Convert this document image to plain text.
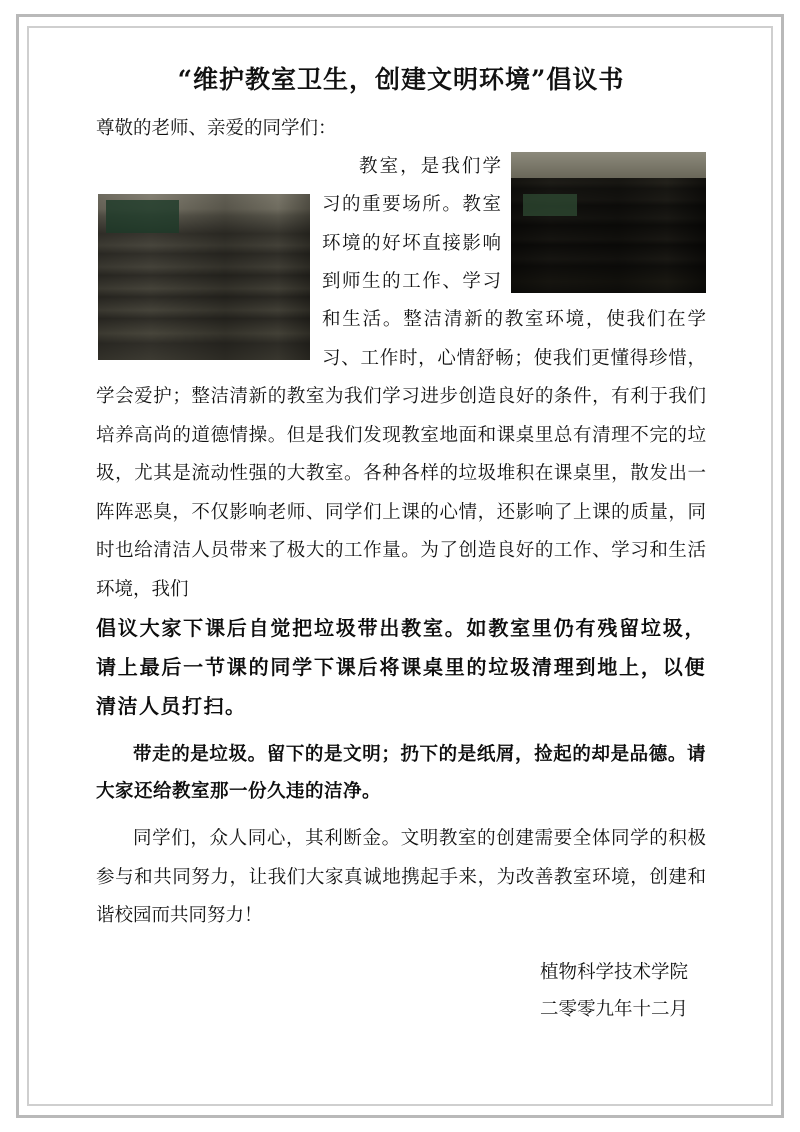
“维护教室卫生，创建文明环境”倡议书

尊敬的老师、亲爱的同学们：

教室，是我们学习的重要场所。教室环境的好坏直接影响到师生的工作、学习和生活。整洁清新的教室环境，使我们在学习、工作时，心情舒畅；使我们更懂得珍惜，学会爱护；整洁清新的教室为我们学习进步创造良好的条件，有利于我们培养高尚的道德情操。但是我们发现教室地面和课桌里总有清理不完的垃圾，尤其是流动性强的大教室。各种各样的垃圾堆积在课桌里，散发出一阵阵恶臭，不仅影响老师、同学们上课的心情，还影响了上课的质量，同时也给清洁人员带来了极大的工作量。为了创造良好的工作、学习和生活环境，我们

倡议大家下课后自觉把垃圾带出教室。如教室里仍有残留垃圾，请上最后一节课的同学下课后将课桌里的垃圾清理到地上，以便清洁人员打扫。

带走的是垃圾。留下的是文明；扔下的是纸屑，捡起的却是品德。请大家还给教室那一份久违的洁净。

同学们，众人同心，其利断金。文明教室的创建需要全体同学的积极参与和共同努力，让我们大家真诚地携起手来，为改善教室环境，创建和谐校园而共同努力！

植物科学技术学院
二零零九年十二月
